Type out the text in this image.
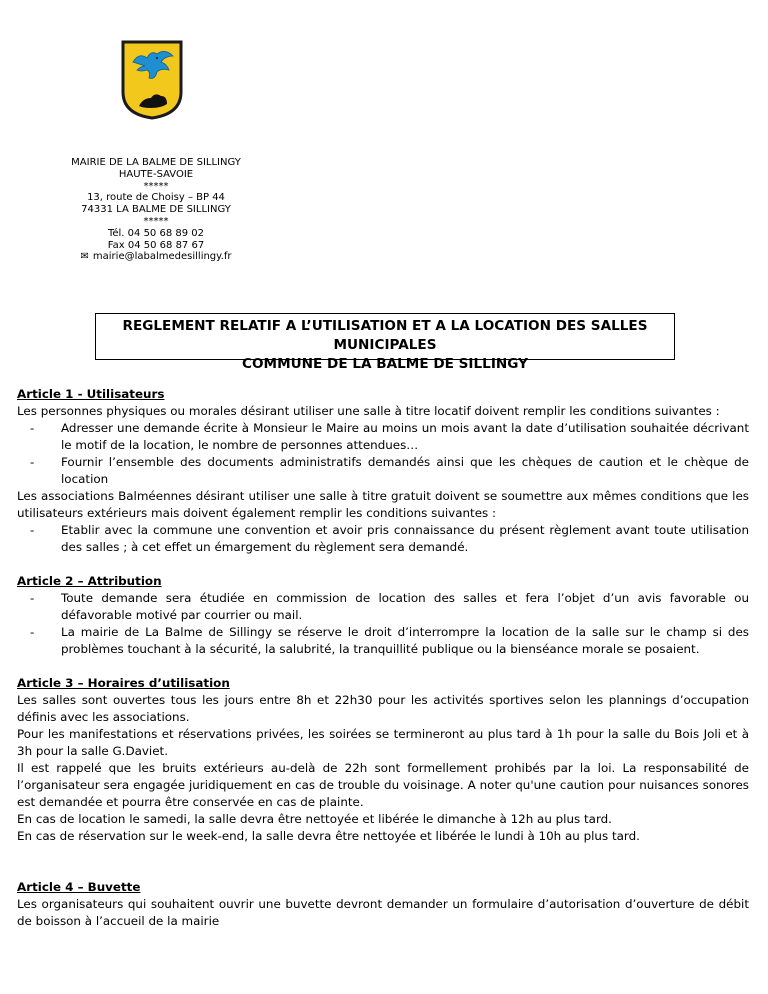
MAIRIE DE LA BALME DE SILLINGY
HAUTE-SAVOIE
*****
13, route de Choisy – BP 44
74331 LA BALME DE SILLINGY
*****
Tél. 04 50 68 89 02
Fax 04 50 68 87 67
✉ mairie@labalmedesillingy.fr
REGLEMENT RELATIF A L’UTILISATION ET A LA LOCATION DES SALLES MUNICIPALES
COMMUNE DE LA BALME DE SILLINGY

Article 1 - Utilisateurs

Les personnes physiques ou morales désirant utiliser une salle à titre locatif doivent remplir les conditions suivantes :

- Adresser une demande écrite à Monsieur le Maire au moins un mois avant la date d’utilisation souhaitée décrivant le motif de la location, le nombre de personnes attendues…
- Fournir l’ensemble des documents administratifs demandés ainsi que les chèques de caution et le chèque de location

Les associations Balméennes désirant utiliser une salle à titre gratuit doivent se soumettre aux mêmes conditions que les utilisateurs extérieurs mais doivent également remplir les conditions suivantes :

- Etablir avec la commune une convention et avoir pris connaissance du présent règlement avant toute utilisation des salles ; à cet effet un émargement du règlement sera demandé.

Article 2 – Attribution

- Toute demande sera étudiée en commission de location des salles et fera l’objet d’un avis favorable ou défavorable motivé par courrier ou mail.
- La mairie de La Balme de Sillingy se réserve le droit d’interrompre la location de la salle sur le champ si des problèmes touchant à la sécurité, la salubrité, la tranquillité publique ou la bienséance morale se posaient.

Article 3 – Horaires d’utilisation

Les salles sont ouvertes tous les jours entre 8h et 22h30 pour les activités sportives selon les plannings d’occupation définis avec les associations.

Pour les manifestations et réservations privées, les soirées se termineront au plus tard à 1h pour la salle du Bois Joli et à 3h pour la salle G.Daviet.

Il est rappelé que les bruits extérieurs au-delà de 22h sont formellement prohibés par la loi. La responsabilité de l’organisateur sera engagée juridiquement en cas de trouble du voisinage. A noter qu'une caution pour nuisances sonores est demandée et pourra être conservée en cas de plainte.

En cas de location le samedi, la salle devra être nettoyée et libérée le dimanche à 12h au plus tard.

En cas de réservation sur le week-end, la salle devra être nettoyée et libérée le lundi à 10h au plus tard.

Article 4 – Buvette

Les organisateurs qui souhaitent ouvrir une buvette devront demander un formulaire d’autorisation d’ouverture de débit de boisson à l’accueil de la mairie
